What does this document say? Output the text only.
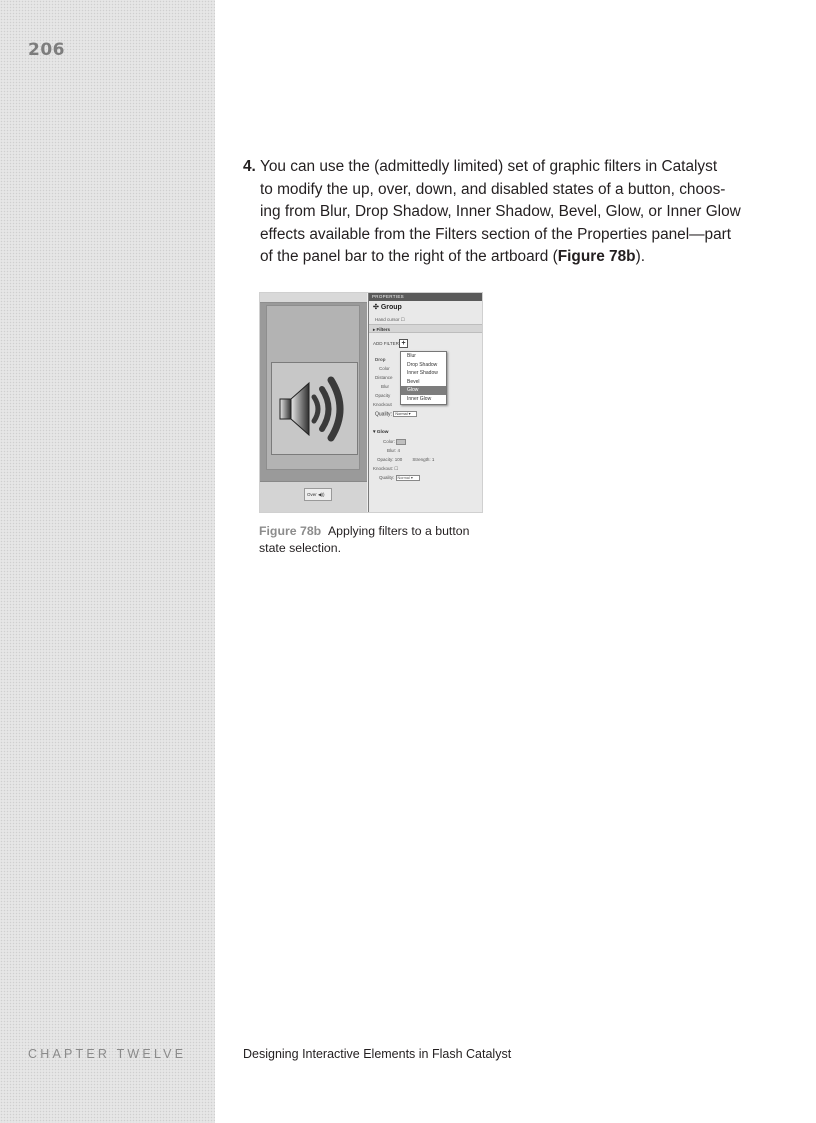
206
4. You can use the (admittedly limited) set of graphic filters in Catalyst
to modify the up, over, down, and disabled states of a button, choos-
ing from Blur, Drop Shadow, Inner Shadow, Bevel, Glow, or Inner Glow
effects available from the Filters section of the Properties panel—part
of the panel bar to the right of the artboard (Figure 78b).
Over ◀))
PROPERTIES
✣ Group
Hand cursor ☐
▸ Filters
ADD FILTER +
Drop
Color
Distance
Blur
Opacity
Knockout
Quality: Normal ▾
Blur
Drop Shadow
Inner Shadow
Bevel
Glow
Inner Glow
▾ Glow
Color:
Blur: 4
Opacity: 100 Strength: 1
Knockout: ☐
Quality: Normal ▾
Figure 78b Applying filters to a button state selection.
CHAPTER TWELVE	Designing Interactive Elements in Flash Catalyst
